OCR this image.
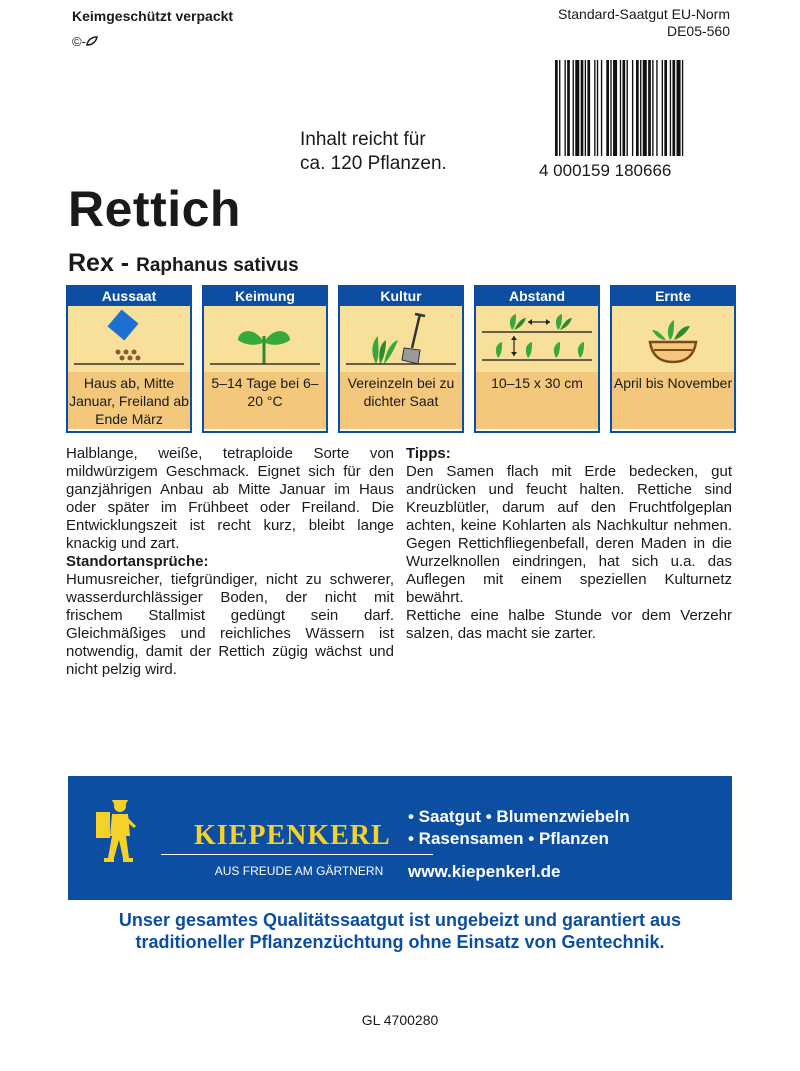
Keimgeschützt verpackt
©-
Standard-Saatgut EU-Norm
DE05-560
4 000159 180666
Inhalt reicht für
ca. 120 Pflanzen.
Rettich
Rex - Raphanus sativus
Aussaat
Haus ab, Mitte Januar, Freiland ab Ende März
Keimung
5–14 Tage bei 6–20 °C
Kultur
Vereinzeln bei zu dichter Saat
Abstand
10–15 x 30 cm
Ernte
April bis November

Halblange, weiße, tetraploide Sorte von mildwürzigem Geschmack. Eignet sich für den ganzjährigen Anbau ab Mitte Januar im Haus oder später im Frühbeet oder Freiland. Die Entwicklungszeit ist recht kurz, bleibt lange knackig und zart.

Standortansprüche:

Humusreicher, tiefgründiger, nicht zu schwerer, wasserdurchlässiger Boden, der nicht mit frischem Stallmist gedüngt sein darf. Gleichmäßiges und reichliches Wässern ist notwendig, damit der Rettich zügig wächst und nicht pelzig wird.

Tipps:

Den Samen flach mit Erde bedecken, gut andrücken und feucht halten. Rettiche sind Kreuzblütler, darum auf den Fruchtfolgeplan achten, keine Kohlarten als Nachkultur nehmen. Gegen Rettichfliegenbefall, deren Maden in die Wurzelknollen eindringen, hat sich u.a. das Auflegen mit einem speziellen Kulturnetz bewährt.

Rettiche eine halbe Stunde vor dem Verzehr salzen, das macht sie zarter.

KIEPENKERL
AUS FREUDE AM GÄRTNERN
• Saatgut • Blumenzwiebeln
• Rasensamen • Pflanzen
www.kiepenkerl.de
Unser gesamtes Qualitätssaatgut ist ungebeizt und garantiert aus
traditioneller Pflanzenzüchtung ohne Einsatz von Gentechnik.
GL 4700280
